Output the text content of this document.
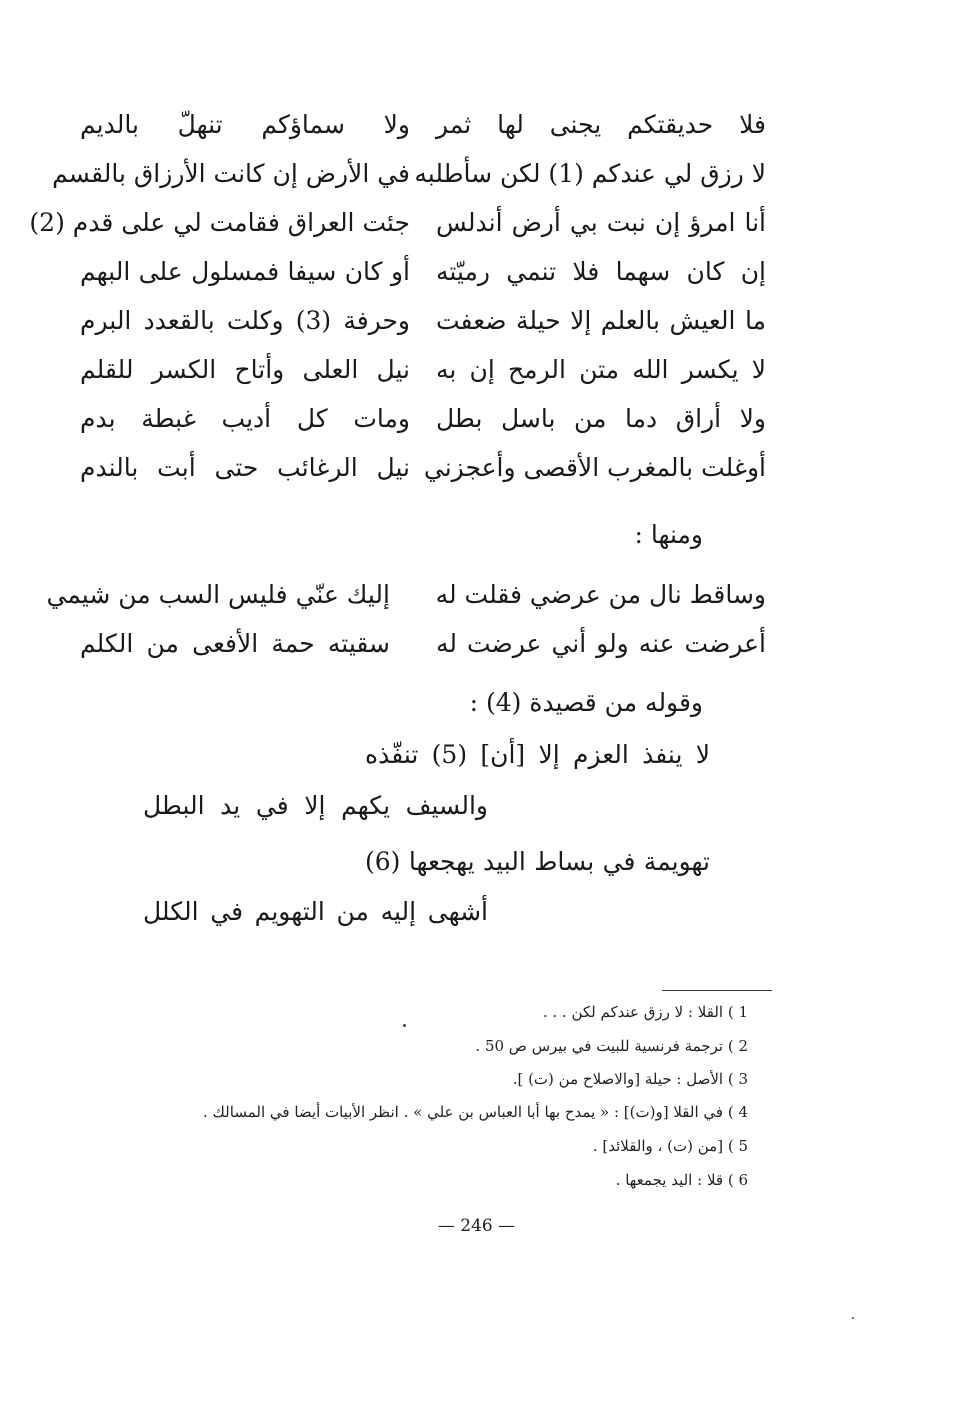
فلا حديقتكم يجنى لها ثمر
ولا سماؤكم تنهلّ بالديم
لا رزق لي عندكم (1) لكن سأطلبه
في الأرض إن كانت الأرزاق بالقسم
أنا امرؤ إن نبت بي أرض أندلس
جئت العراق فقامت لي على قدم (2)
إن كان سهما فلا تنمي رميّته
أو كان سيفا فمسلول على البهم
ما العيش بالعلم إلا حيلة ضعفت
وحرفة (3) وكلت بالقعدد البرم
لا يكسر الله متن الرمح إن به
نيل العلى وأتاح الكسر للقلم
ولا أراق دما من باسل بطل
ومات كل أديب غبطة بدم
أوغلت بالمغرب الأقصى وأعجزني
نيل الرغائب حتى أبت بالندم
ومنها :
وساقط نال من عرضي فقلت له
إليك عنّي فليس السب من شيمي
أعرضت عنه ولو أني عرضت له
سقيته حمة الأفعى من الكلم
وقوله من قصيدة (4) :
لا ينفذ العزم إلا [أن] (5) تنفّذه
والسيف يكهم إلا في يد البطل
تهويمة في بساط البيد يهجعها (6)
أشهى إليه من التهويم في الكلل
1 ) القلا : لا رزق عندكم لكن . . .
2 ) ترجمة فرنسية للبيت في بيرس ص 50 .
3 ) الأصل : حيلة [والاصلاح من (ت) ].
4 ) في القلا [و(ت)] : « يمدح بها أبا العباس بن علي » . انظر الأبيات أيضا في المسالك .
5 ) [من (ت) ، والقلائد] .
6 ) قلا : اليد يجمعها .
— 246 —
